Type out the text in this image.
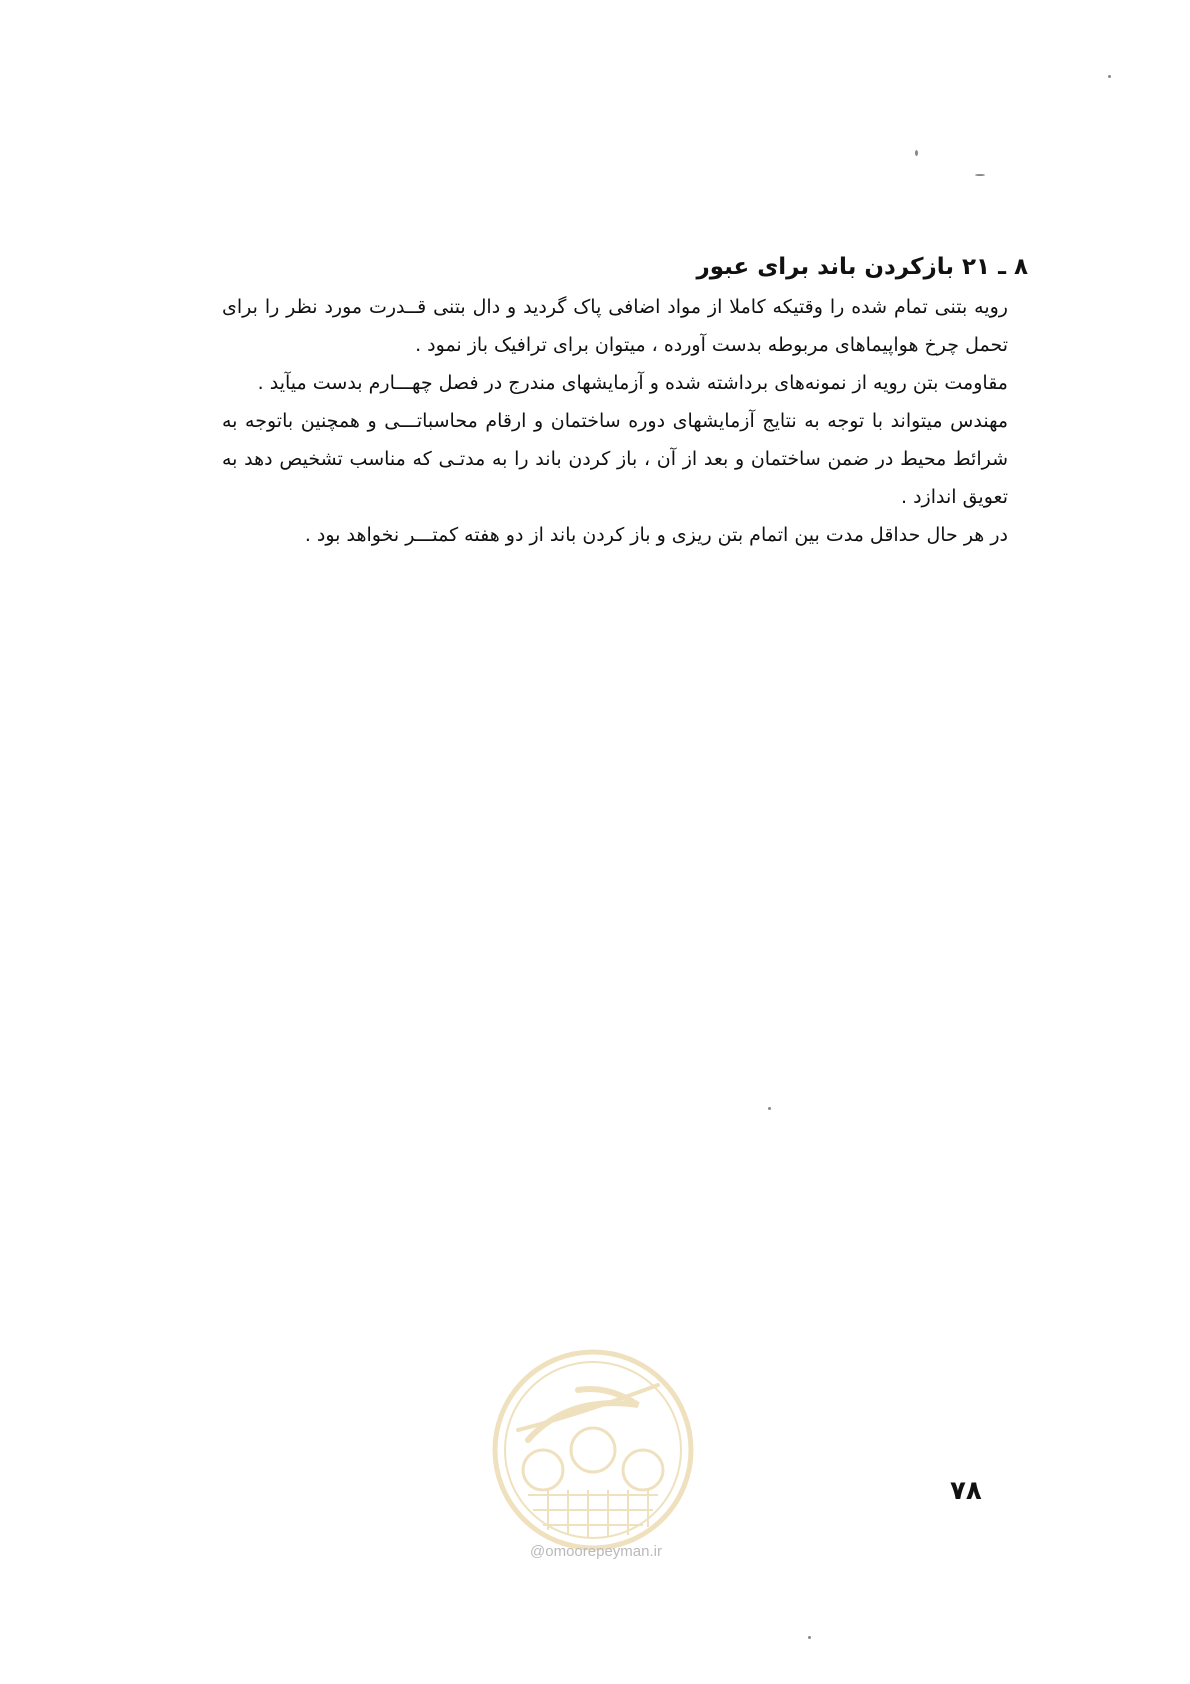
۸ ـ ۲۱ بازکردن باند برای عبور

رویه بتنی تمام شده را وقتیکه کاملا از مواد اضافی پاک گردید و دال بتنی قــدرت مورد نظر را برای تحمل چرخ هواپیماهای مربوطه بدست آورده ، میتوان برای ترافیک باز نمود .

مقاومت بتن رویه از نمونه‌های برداشته شده و آزمایشهای مندرج در فصل چهـــارم بدست میآید .

مهندس میتواند با توجه به نتایج آزمایشهای دوره ساختمان و ارقام محاسباتـــی و همچنین باتوجه به شرائط محیط در ضمن ساختمان و بعد از آن ، باز کردن باند را به مدتـی که مناسب تشخیص دهد به تعویق اندازد .

در هر حال حداقل مدت بین اتمام بتن ریزی و باز کردن باند از دو هفته کمتـــر نخواهد بود .

۷۸
@omoorepeyman.ir
